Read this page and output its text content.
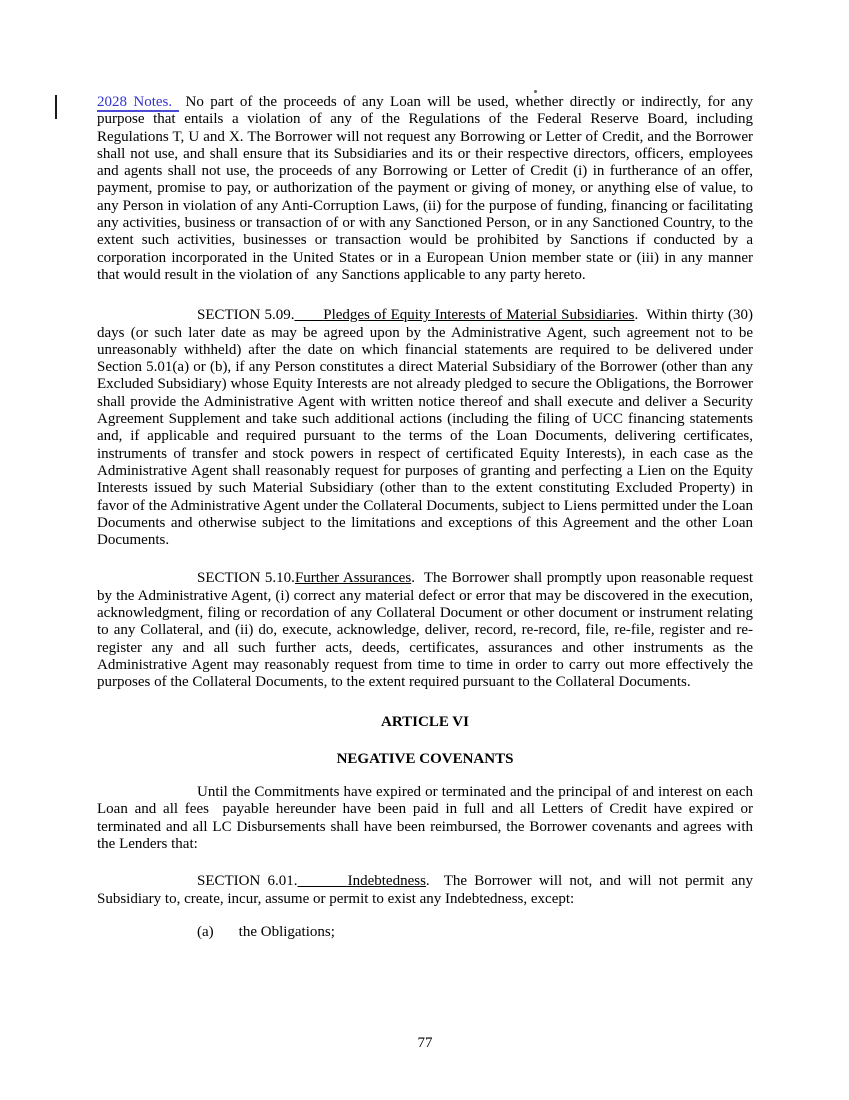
2028 Notes. No part of the proceeds of any Loan will be used, whether directly or indirectly, for any purpose that entails a violation of any of the Regulations of the Federal Reserve Board, including Regulations T, U and X. The Borrower will not request any Borrowing or Letter of Credit, and the Borrower shall not use, and shall ensure that its Subsidiaries and its or their respective directors, officers, employees and agents shall not use, the proceeds of any Borrowing or Letter of Credit (i) in furtherance of an offer, payment, promise to pay, or authorization of the payment or giving of money, or anything else of value, to any Person in violation of any Anti-Corruption Laws, (ii) for the purpose of funding, financing or facilitating any activities, business or transaction of or with any Sanctioned Person, or in any Sanctioned Country, to the extent such activities, businesses or transaction would be prohibited by Sanctions if conducted by a corporation incorporated in the United States or in a European Union member state or (iii) in any manner that would result in the violation of  any Sanctions applicable to any party hereto.

SECTION 5.09. Pledges of Equity Interests of Material Subsidiaries.  Within thirty (30) days (or such later date as may be agreed upon by the Administrative Agent, such agreement not to be unreasonably withheld) after the date on which financial statements are required to be delivered under Section 5.01(a) or (b), if any Person constitutes a direct Material Subsidiary of the Borrower (other than any Excluded Subsidiary) whose Equity Interests are not already pledged to secure the Obligations, the Borrower shall provide the Administrative Agent with written notice thereof and shall execute and deliver a Security Agreement Supplement and take such additional actions (including the filing of UCC financing statements and, if applicable and required pursuant to the terms of the Loan Documents, delivering certificates, instruments of transfer and stock powers in respect of certificated Equity Interests), in each case as the Administrative Agent shall reasonably request for purposes of granting and perfecting a Lien on the Equity Interests issued by such Material Subsidiary (other than to the extent constituting Excluded Property) in favor of the Administrative Agent under the Collateral Documents, subject to Liens permitted under the Loan Documents and otherwise subject to the limitations and exceptions of this Agreement and the other Loan Documents.

SECTION 5.10.Further Assurances.  The Borrower shall promptly upon reasonable request by the Administrative Agent, (i) correct any material defect or error that may be discovered in the execution, acknowledgment, filing or recordation of any Collateral Document or other document or instrument relating to any Collateral, and (ii) do, execute, acknowledge, deliver, record, re-record, file, re-file, register and re-register any and all such further acts, deeds, certificates, assurances and other instruments as the Administrative Agent may reasonably request from time to time in order to carry out more effectively the purposes of the Collateral Documents, to the extent required pursuant to the Collateral Documents.

ARTICLE VI

NEGATIVE COVENANTS

Until the Commitments have expired or terminated and the principal of and interest on each Loan and all fees  payable hereunder have been paid in full and all Letters of Credit have expired or terminated and all LC Disbursements shall have been reimbursed, the Borrower covenants and agrees with the Lenders that:

SECTION 6.01.	Indebtedness.  The Borrower will not, and will not permit any Subsidiary to, create, incur, assume or permit to exist any Indebtedness, except:

(a) the Obligations;

77
